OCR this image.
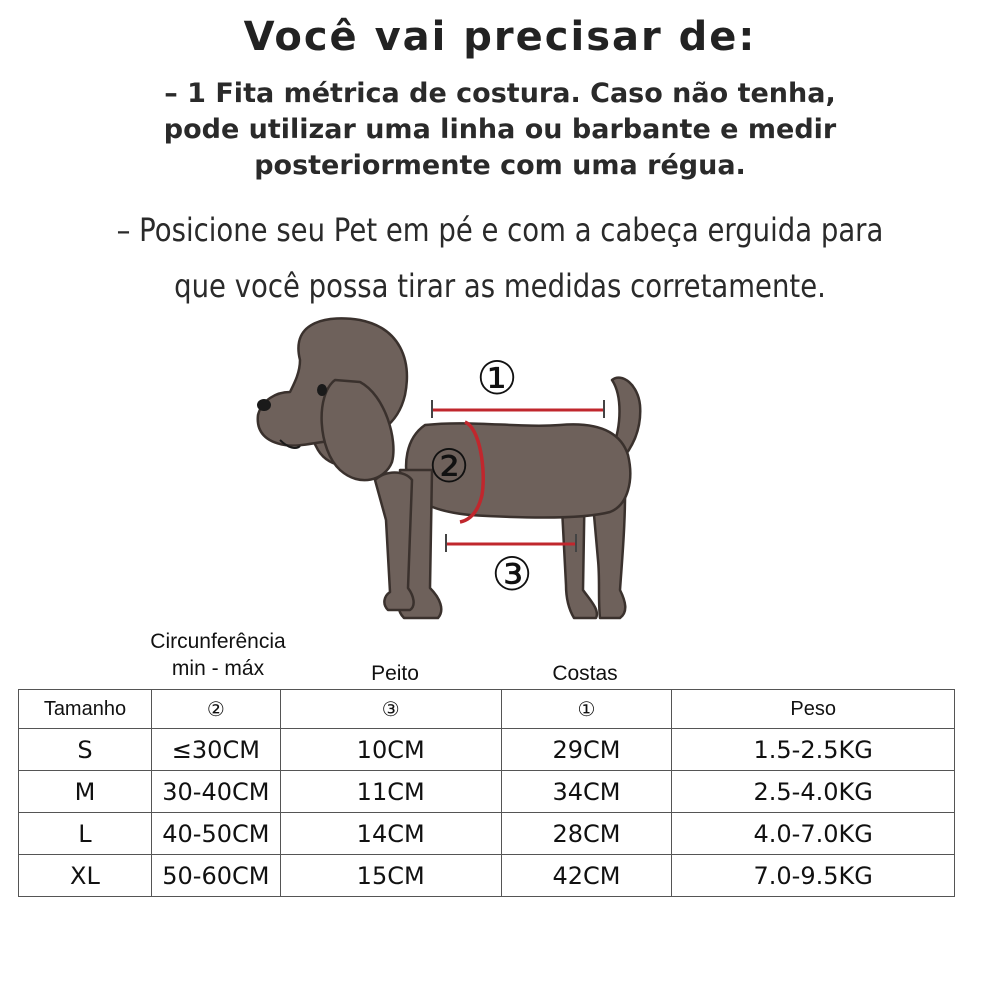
Você vai precisar de:
– 1 Fita métrica de costura. Caso não tenha,
pode utilizar uma linha ou barbante e medir
posteriormente com uma régua.
– Posicione seu Pet em pé e com a cabeça erguida para
que você possa tirar as medidas corretamente.
①
②
③
Circunferência
min - máx	Peito	Costas
Tamanho	②	③	①	Peso
S	≤30CM	10CM	29CM	1.5-2.5KG
M	30-40CM	11CM	34CM	2.5-4.0KG
L	40-50CM	14CM	28CM	4.0-7.0KG
XL	50-60CM	15CM	42CM	7.0-9.5KG
